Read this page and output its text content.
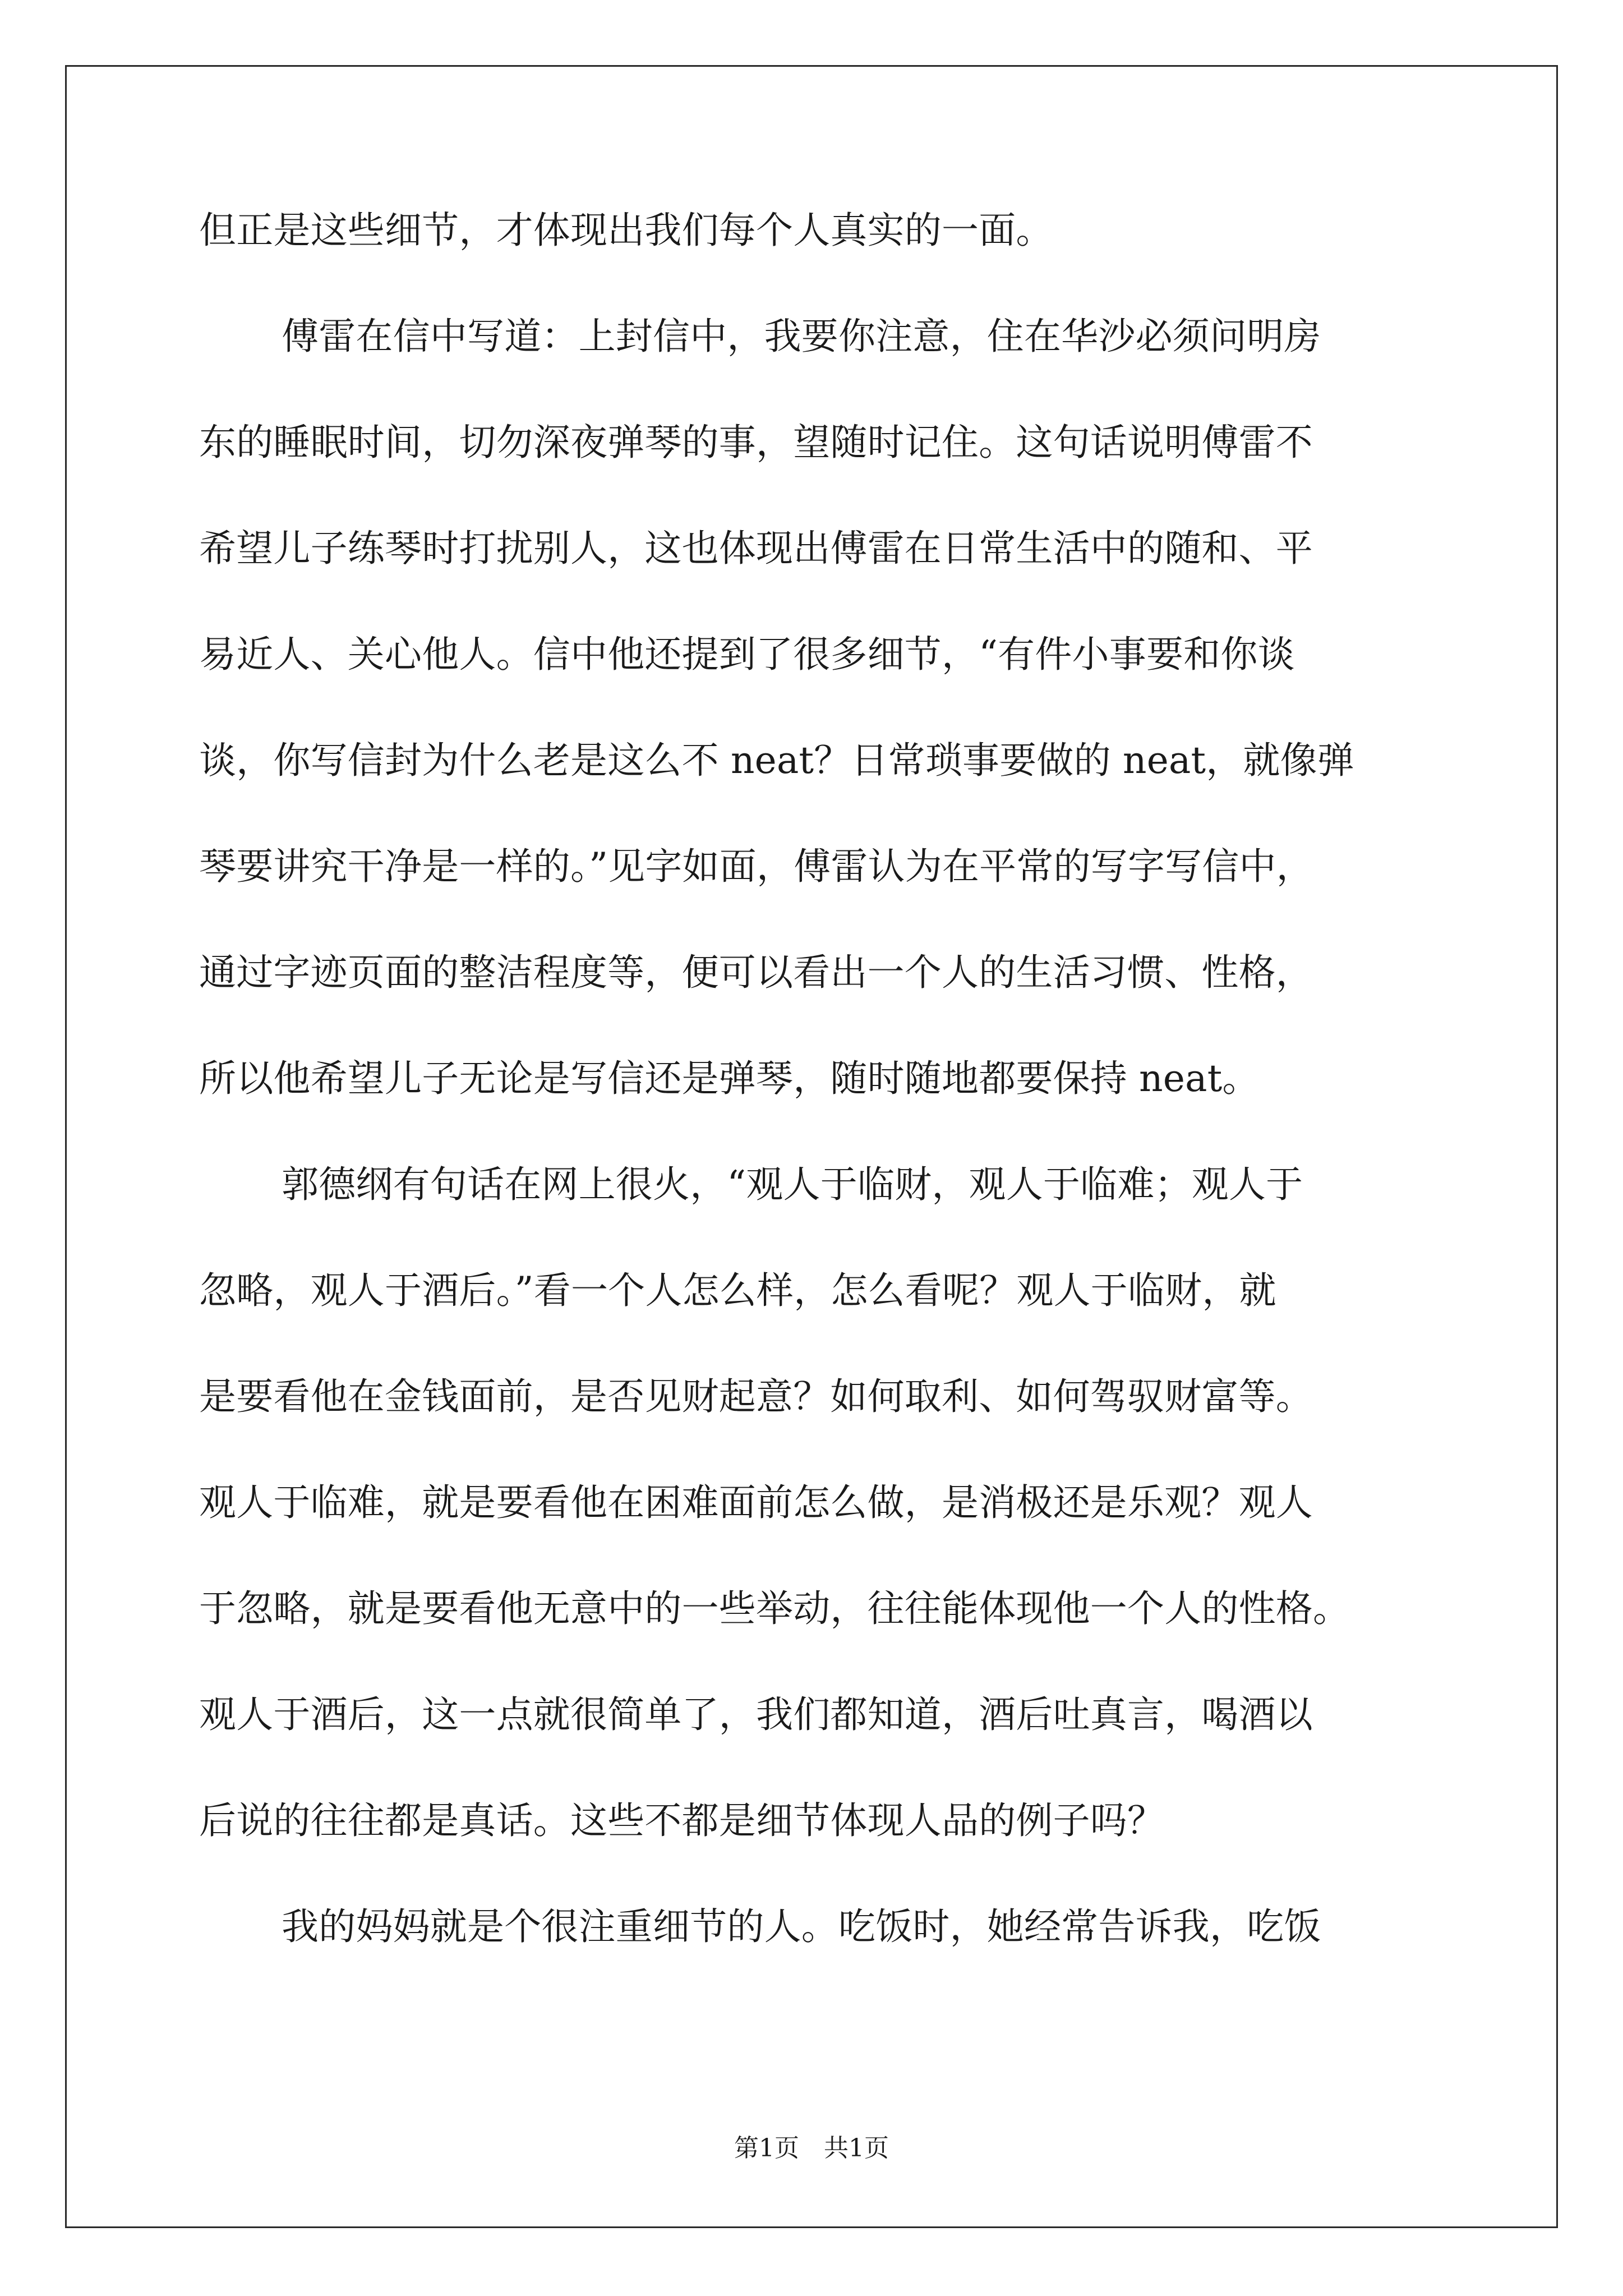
但正是这些细节，才体现出我们每个人真实的一面。
傅雷在信中写道：上封信中，我要你注意，住在华沙必须问明房
东的睡眠时间，切勿深夜弹琴的事，望随时记住。这句话说明傅雷不
希望儿子练琴时打扰别人，这也体现出傅雷在日常生活中的随和、平
易近人、关心他人。信中他还提到了很多细节，“有件小事要和你谈
谈，你写信封为什么老是这么不 neat？日常琐事要做的 neat，就像弹
琴要讲究干净是一样的。”见字如面，傅雷认为在平常的写字写信中，
通过字迹页面的整洁程度等，便可以看出一个人的生活习惯、性格，
所以他希望儿子无论是写信还是弹琴，随时随地都要保持 neat。
郭德纲有句话在网上很火，“观人于临财，观人于临难；观人于
忽略，观人于酒后。”看一个人怎么样，怎么看呢？观人于临财，就
是要看他在金钱面前，是否见财起意？如何取利、如何驾驭财富等。
观人于临难，就是要看他在困难面前怎么做，是消极还是乐观？观人
于忽略，就是要看他无意中的一些举动，往往能体现他一个人的性格。
观人于酒后，这一点就很简单了，我们都知道，酒后吐真言，喝酒以
后说的往往都是真话。这些不都是细节体现人品的例子吗？
我的妈妈就是个很注重细节的人。吃饭时，她经常告诉我，吃饭
第1页　共1页
